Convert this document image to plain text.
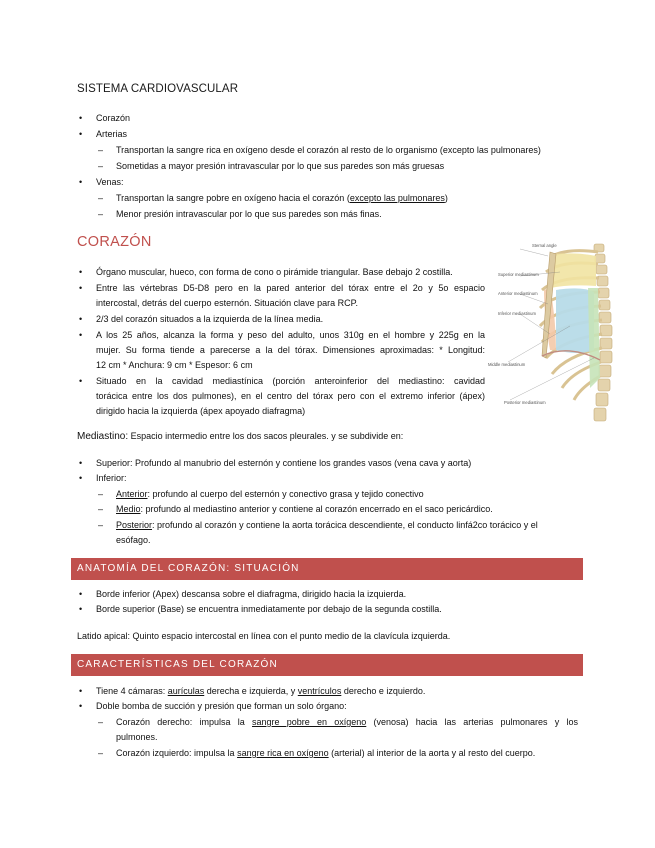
SISTEMA CARDIOVASCULAR
• Corazón
• Arterias
– Transportan la sangre rica en oxígeno desde el corazón al resto de lo organismo (excepto las pulmonares)
– Sometidas a mayor presión intravascular por lo que sus paredes son más gruesas
• Venas:
– Transportan la sangre pobre en oxígeno hacia el corazón (excepto las pulmonares)
– Menor presión intravascular por lo que sus paredes son más finas.
CORAZÓN
• Órgano muscular, hueco, con forma de cono o pirámide triangular. Base debajo 2 costilla.
• Entre las vértebras D5-D8 pero en la pared anterior del tórax entre el 2o y 5o espacio
intercostal, detrás del cuerpo esternón. Situación clave para RCP.
• 2/3 del corazón situados a la izquierda de la línea media.
• A los 25 años, alcanza la forma y peso del adulto, unos 310g en el hombre y 225g en la
mujer. Su forma tiende a parecerse a la del tórax. Dimensiones aproximadas: * Longitud:
12 cm * Anchura: 9 cm * Espesor: 6 cm
• Situado en la cavidad mediastínica (porción anteroinferior del mediastino: cavidad
torácica entre los dos pulmones), en el centro del tórax pero con el extremo inferior (ápex)
dirigido hacia la izquierda (ápex apoyado diafragma)
Sternal angle
Superior mediastinum
Anterior mediastinum
Inferior mediastinum
Middle mediastinum
Posterior mediastinum
Mediastino: Espacio intermedio entre los dos sacos pleurales. y se subdivide en:
• Superior: Profundo al manubrio del esternón y contiene los grandes vasos (vena cava y aorta)
• Inferior:
– Anterior: profundo al cuerpo del esternón y conectivo grasa y tejido conectivo
– Medio: profundo al mediastino anterior y contiene al corazón encerrado en el saco pericárdico.
– Posterior: profundo al corazón y contiene la aorta torácica descendiente, el conducto linfá2co torácico y el
esófago.
ANATOMÍA DEL CORAZÓN: SITUACIÓN
• Borde inferior (Apex) descansa sobre el diafragma, dirigido hacia la izquierda.
• Borde superior (Base) se encuentra inmediatamente por debajo de la segunda costilla.
Latido apical: Quinto espacio intercostal en línea con el punto medio de la clavícula izquierda.
CARACTERÍSTICAS DEL CORAZÓN
• Tiene 4 cámaras: aurículas derecha e izquierda, y ventrículos derecho e izquierdo.
• Doble bomba de succión y presión que forman un solo órgano:
– Corazón derecho: impulsa la sangre pobre en oxígeno (venosa) hacia las arterias pulmonares y los
pulmones.
– Corazón izquierdo: impulsa la sangre rica en oxígeno (arterial) al interior de la aorta y al resto del cuerpo.
